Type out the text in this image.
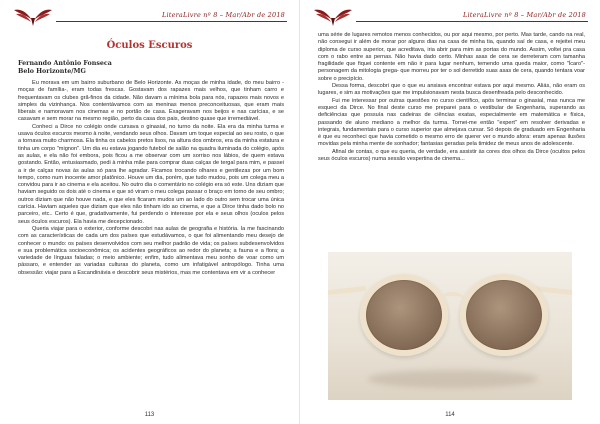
LiteraLivre nº 8 – Mar/Abr de 2018
Óculos Escuros
Fernando Antônio Fonseca
Belo Horizonte/MG

Eu morava em um bairro suburbano de Belo Horizonte. As moças de minha idade, do meu bairro -moças de família-, eram todas frescas. Gostavam dos rapazes mais velhos, que tinham carro e frequentavam os clubes grã-finos da cidade. Não davam a mínima bola para nós, rapazes mais novos e simples da vizinhança. Nos contentávamos com as meninas menos preconceituosas, que eram mais liberais e namoravam nos cinemas e no portão de casa. Exageravam nos beijos e nas carícias, e se casavam e sem morar na mesmo região, perto da casa dos pais, destino quase que irremediável.

Conheci a Dirce no colégio onde cursava o ginasial, no turno da noite. Ela era da minha turma e usava óculos escuros mesmo à noite, vendando seus olhos. Davam um toque especial ao seu rosto, o que a tornava muito charmosa. Ela tinha os cabelos pretos lisos, na altura dos ombros, era da minha estatura e tinha um corpo "mignon". Um dia eu estava jogando futebol de salão na quadra iluminada do colégio, após as aulas, e ela não foi embora, pois ficou a me observar com um sorriso nos lábios, de quem estava gostando. Então, entusiasmado, pedi à minha mãe para comprar duas calças de tergal para mim, e passei a ir de calças novas às aulas só para lhe agradar. Ficamos trocando olhares e gentilezas por um bom tempo, como num inocente amor platônico. Houve um dia, porém, que tudo mudou, pois um colega meu a convidou para ir ao cinema e ela aceitou. No outro dia o comentário no colégio era só este. Uns diziam que haviam seguido os dois até o cinema e que só viram o meu colega passar o braço em torno de seu ombro; outros diziam que não houve nada, e que eles ficaram mudos um ao lado do outro sem trocar uma única carícia. Haviam aqueles que diziam que eles não tinham ido ao cinema, e que a Dirce tinha dado bolo no parceiro, etc.. Certo é que, gradativamente, fui perdendo o interesse por ela e seus olhos (oculos pelos seus óculos escuros). Ela havia me decepcionado.

Queria viajar para o exterior, conforme descobri nas aulas de geografia e história. Ia me fascinando com as características de cada um dos países que estudávamos, o que foi alimentando meu desejo de conhecer o mundo: os países desenvolvidos com seu melhor padrão de vida; os países subdesenvolvidos e sua problemática socioeconômica; os acidentes geográficos ao redor do planeta; a fauna e a flora; a variedade de línguas faladas; o meio ambiente; enfim, tudo alimentava meu sonho de voar como um pássaro, e entender as variadas culturas do planeta, como um infatigável antropólogo. Tinha uma obsessão: viajar para a Escandinávia e descobrir seus mistérios, mas me contentava em vir a conhecer

113
LiteraLivre nº 8 – Mar/Abr de 2018

uma série de lugares remotos menos conhecidos, ou por aqui mesmo, por perto. Mas tarde, cando na real, não consegui ir além de morar por alguns dias na casa de minha tia, quando saí de casa, e rejeitei meu diploma de curso superior, que acreditava, iria abrir para mim as portas do mundo. Assim, voltei pra casa com o rabo entre as pernas. Não havia dado certo. Minhas asas de cera se derreteram com tamanha fragilidade que fiquei contente em não ir para lugar nenhum, temendo uma queda maior, como "Ícaro"-personagem da mitologia grega- que morreu por ter o sol derretido suas asas de cera, quando tentara voar sobre o precipício.

Dessa forma, descobri que o que eu ansiava encontrar estava por aqui mesmo. Aliás, não eram os lugares, e sim as motivações que me impulsionavam nesta busca desenfreada pelo desconhecido.

Fui me interessar por outras questões no curso científico, após terminar o ginasial, mas nunca me esqueci da Dirce. No final deste curso me preparei para o vestibular de Engenharia, superando as deficiências que possuía nas cadeiras de ciências exatas, especialmente em matemática e física, passando de aluno mediano a melhor da turma. Tornei-me então "expert" em resolver derivadas e integrais, fundamentais para o curso superior que almejava cursar. Só depois de graduado em Engenharia é que eu reconheci que havia cometido o mesmo erro de querer ver o mundo afora: eram apenas ilusões movidas pela minha mente de sonhador; fantasias geradas pela timidez de meus anos de adolescente.

Afinal de contas, o que eu queria, de verdade, era assistir às cores dos olhos da Dirce (ocultos pelos seus óculos escuros) numa sessão vespertina de cinema...

114
